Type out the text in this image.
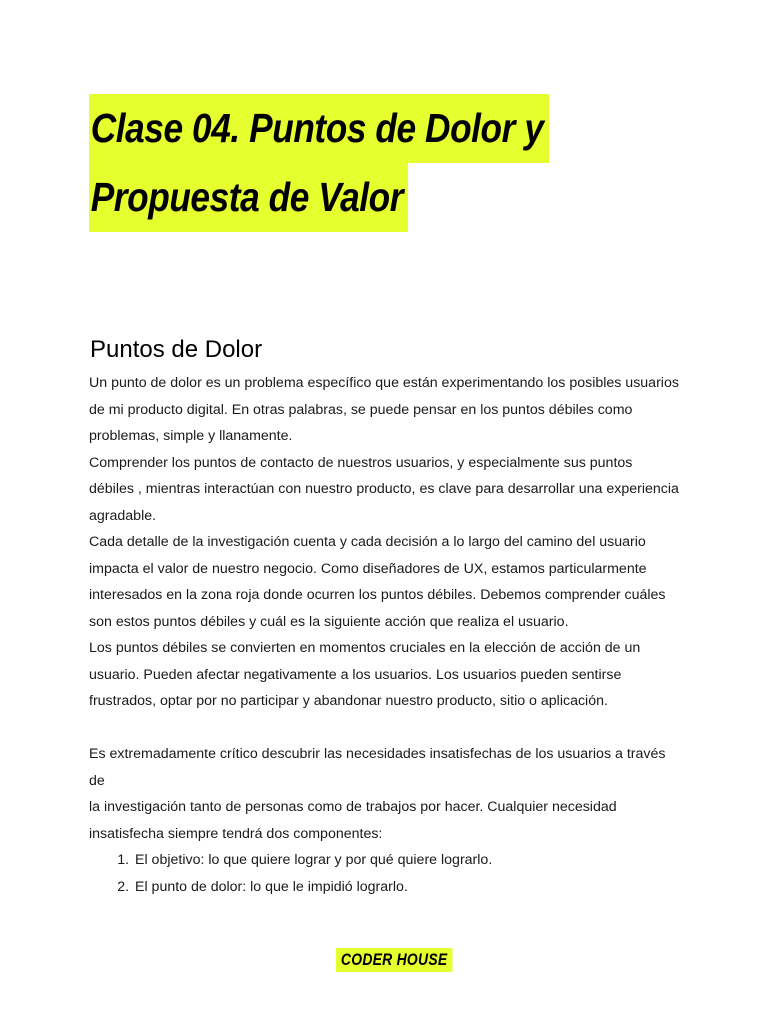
Clase 04. Puntos de Dolor y
Propuesta de Valor
Puntos de Dolor

Un punto de dolor es un problema específico que están experimentando los posibles usuarios

de mi producto digital. En otras palabras, se puede pensar en los puntos débiles como

problemas, simple y llanamente.

Comprender los puntos de contacto de nuestros usuarios, y especialmente sus puntos

débiles , mientras interactúan con nuestro producto, es clave para desarrollar una experiencia

agradable.

Cada detalle de la investigación cuenta y cada decisión a lo largo del camino del usuario

impacta el valor de nuestro negocio. Como diseñadores de UX, estamos particularmente

interesados en la zona roja donde ocurren los puntos débiles. Debemos comprender cuáles

son estos puntos débiles y cuál es la siguiente acción que realiza el usuario.

Los puntos débiles se convierten en momentos cruciales en la elección de acción de un

usuario. Pueden afectar negativamente a los usuarios. Los usuarios pueden sentirse

frustrados, optar por no participar y abandonar nuestro producto, sitio o aplicación.

Es extremadamente crítico descubrir las necesidades insatisfechas de los usuarios a través de

la investigación tanto de personas como de trabajos por hacer. Cualquier necesidad

insatisfecha siempre tendrá dos componentes:

1. El objetivo: lo que quiere lograr y por qué quiere lograrlo.
2. El punto de dolor: lo que le impidió lograrlo.
CODER HOUSE
